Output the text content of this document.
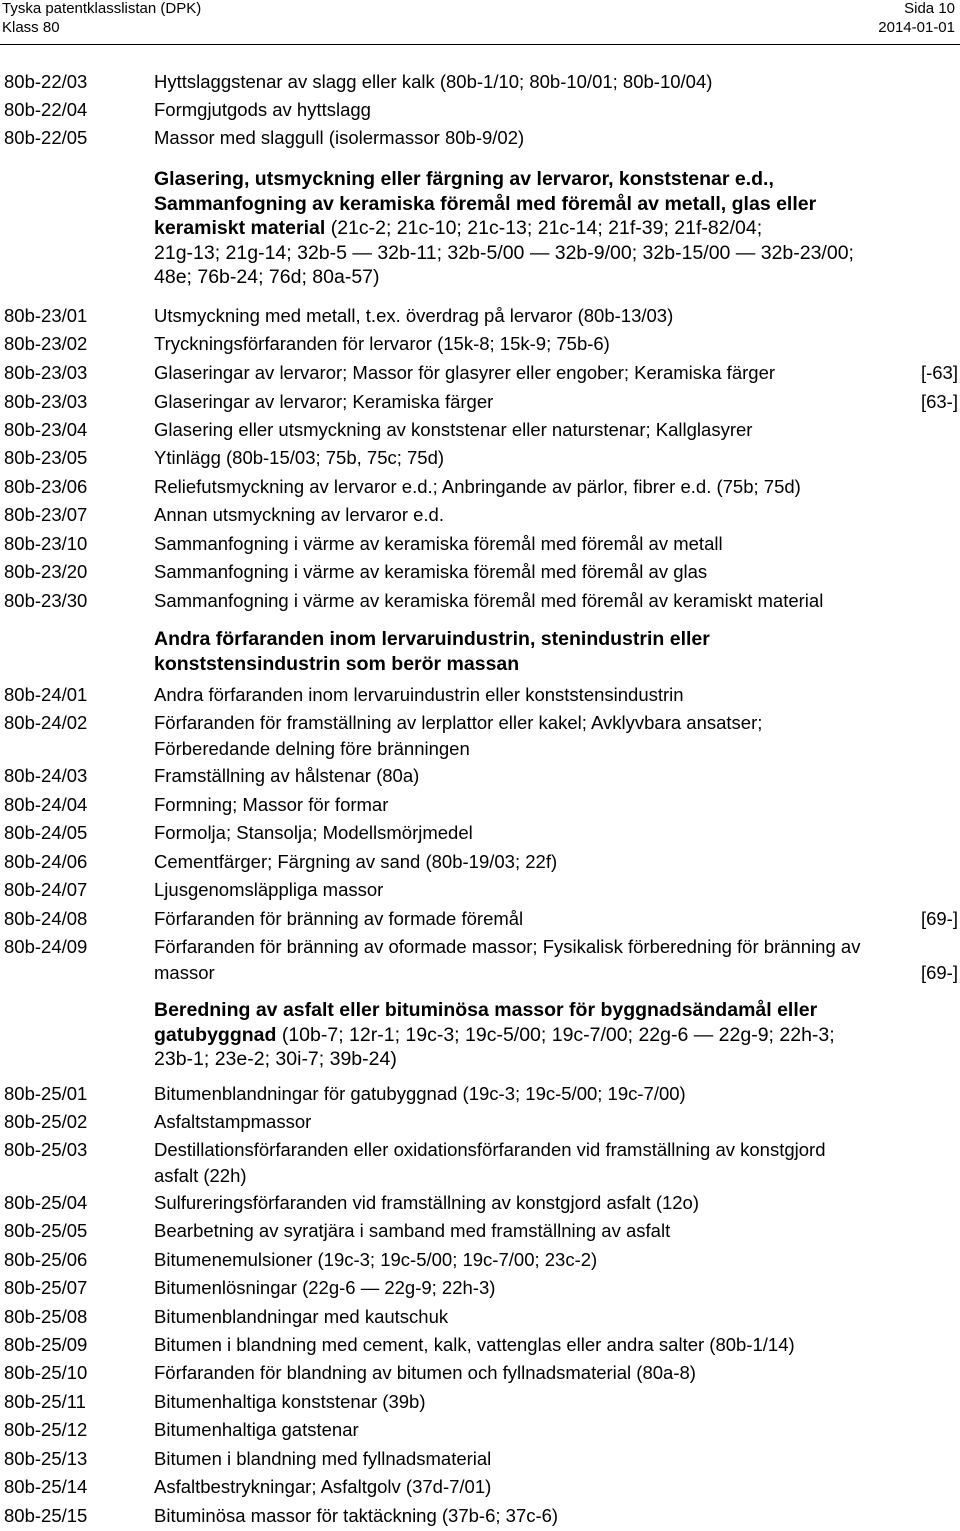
Tyska patentklasslistan (DPK)	Sida 10
Klass 80	2014-01-01
80b-22/03	Hyttslaggstenar av slagg eller kalk (80b-1/10; 80b-10/01; 80b-10/04)
80b-22/04	Formgjutgods av hyttslagg
80b-22/05	Massor med slaggull (isolermassor 80b-9/02)
Glasering, utsmyckning eller färgning av lervaror, konststenar e.d.,
Sammanfogning av keramiska föremål med föremål av metall, glas eller
keramiskt material (21c-2; 21c-10; 21c-13; 21c-14; 21f-39; 21f-82/04;
21g-13; 21g-14; 32b-5 — 32b-11; 32b-5/00 — 32b-9/00; 32b-15/00 — 32b-23/00;
48e; 76b-24; 76d; 80a-57)
80b-23/01	Utsmyckning med metall, t.ex. överdrag på lervaror (80b-13/03)
80b-23/02	Tryckningsförfaranden för lervaror (15k-8; 15k-9; 75b-6)
80b-23/03	Glaseringar av lervaror; Massor för glasyrer eller engober; Keramiska färger	[-63]
80b-23/03	Glaseringar av lervaror; Keramiska färger	[63-]
80b-23/04	Glasering eller utsmyckning av konststenar eller naturstenar; Kallglasyrer
80b-23/05	Ytinlägg (80b-15/03; 75b, 75c; 75d)
80b-23/06	Reliefutsmyckning av lervaror e.d.; Anbringande av pärlor, fibrer e.d. (75b; 75d)
80b-23/07	Annan utsmyckning av lervaror e.d.
80b-23/10	Sammanfogning i värme av keramiska föremål med föremål av metall
80b-23/20	Sammanfogning i värme av keramiska föremål med föremål av glas
80b-23/30	Sammanfogning i värme av keramiska föremål med föremål av keramiskt material
Andra förfaranden inom lervaruindustrin, stenindustrin eller
konststensindustrin som berör massan
80b-24/01	Andra förfaranden inom lervaruindustrin eller konststensindustrin
80b-24/02	Förfaranden för framställning av lerplattor eller kakel; Avklyvbara ansatser;
Förberedande delning före bränningen
80b-24/03	Framställning av hålstenar (80a)
80b-24/04	Formning; Massor för formar
80b-24/05	Formolja; Stansolja; Modellsmörjmedel
80b-24/06	Cementfärger; Färgning av sand (80b-19/03; 22f)
80b-24/07	Ljusgenomsläppliga massor
80b-24/08	Förfaranden för bränning av formade föremål	[69-]
80b-24/09	Förfaranden för bränning av oformade massor; Fysikalisk förberedning för bränning av
massor	[69-]
Beredning av asfalt eller bituminösa massor för byggnadsändamål eller
gatubyggnad (10b-7; 12r-1; 19c-3; 19c-5/00; 19c-7/00; 22g-6 — 22g-9; 22h-3;
23b-1; 23e-2; 30i-7; 39b-24)
80b-25/01	Bitumenblandningar för gatubyggnad (19c-3; 19c-5/00; 19c-7/00)
80b-25/02	Asfaltstampmassor
80b-25/03	Destillationsförfaranden eller oxidationsförfaranden vid framställning av konstgjord
asfalt (22h)
80b-25/04	Sulfureringsförfaranden vid framställning av konstgjord asfalt (12o)
80b-25/05	Bearbetning av syratjära i samband med framställning av asfalt
80b-25/06	Bitumenemulsioner (19c-3; 19c-5/00; 19c-7/00; 23c-2)
80b-25/07	Bitumenlösningar (22g-6 — 22g-9; 22h-3)
80b-25/08	Bitumenblandningar med kautschuk
80b-25/09	Bitumen i blandning med cement, kalk, vattenglas eller andra salter (80b-1/14)
80b-25/10	Förfaranden för blandning av bitumen och fyllnadsmaterial (80a-8)
80b-25/11	Bitumenhaltiga konststenar (39b)
80b-25/12	Bitumenhaltiga gatstenar
80b-25/13	Bitumen i blandning med fyllnadsmaterial
80b-25/14	Asfaltbestrykningar; Asfaltgolv (37d-7/01)
80b-25/15	Bituminösa massor för taktäckning (37b-6; 37c-6)
